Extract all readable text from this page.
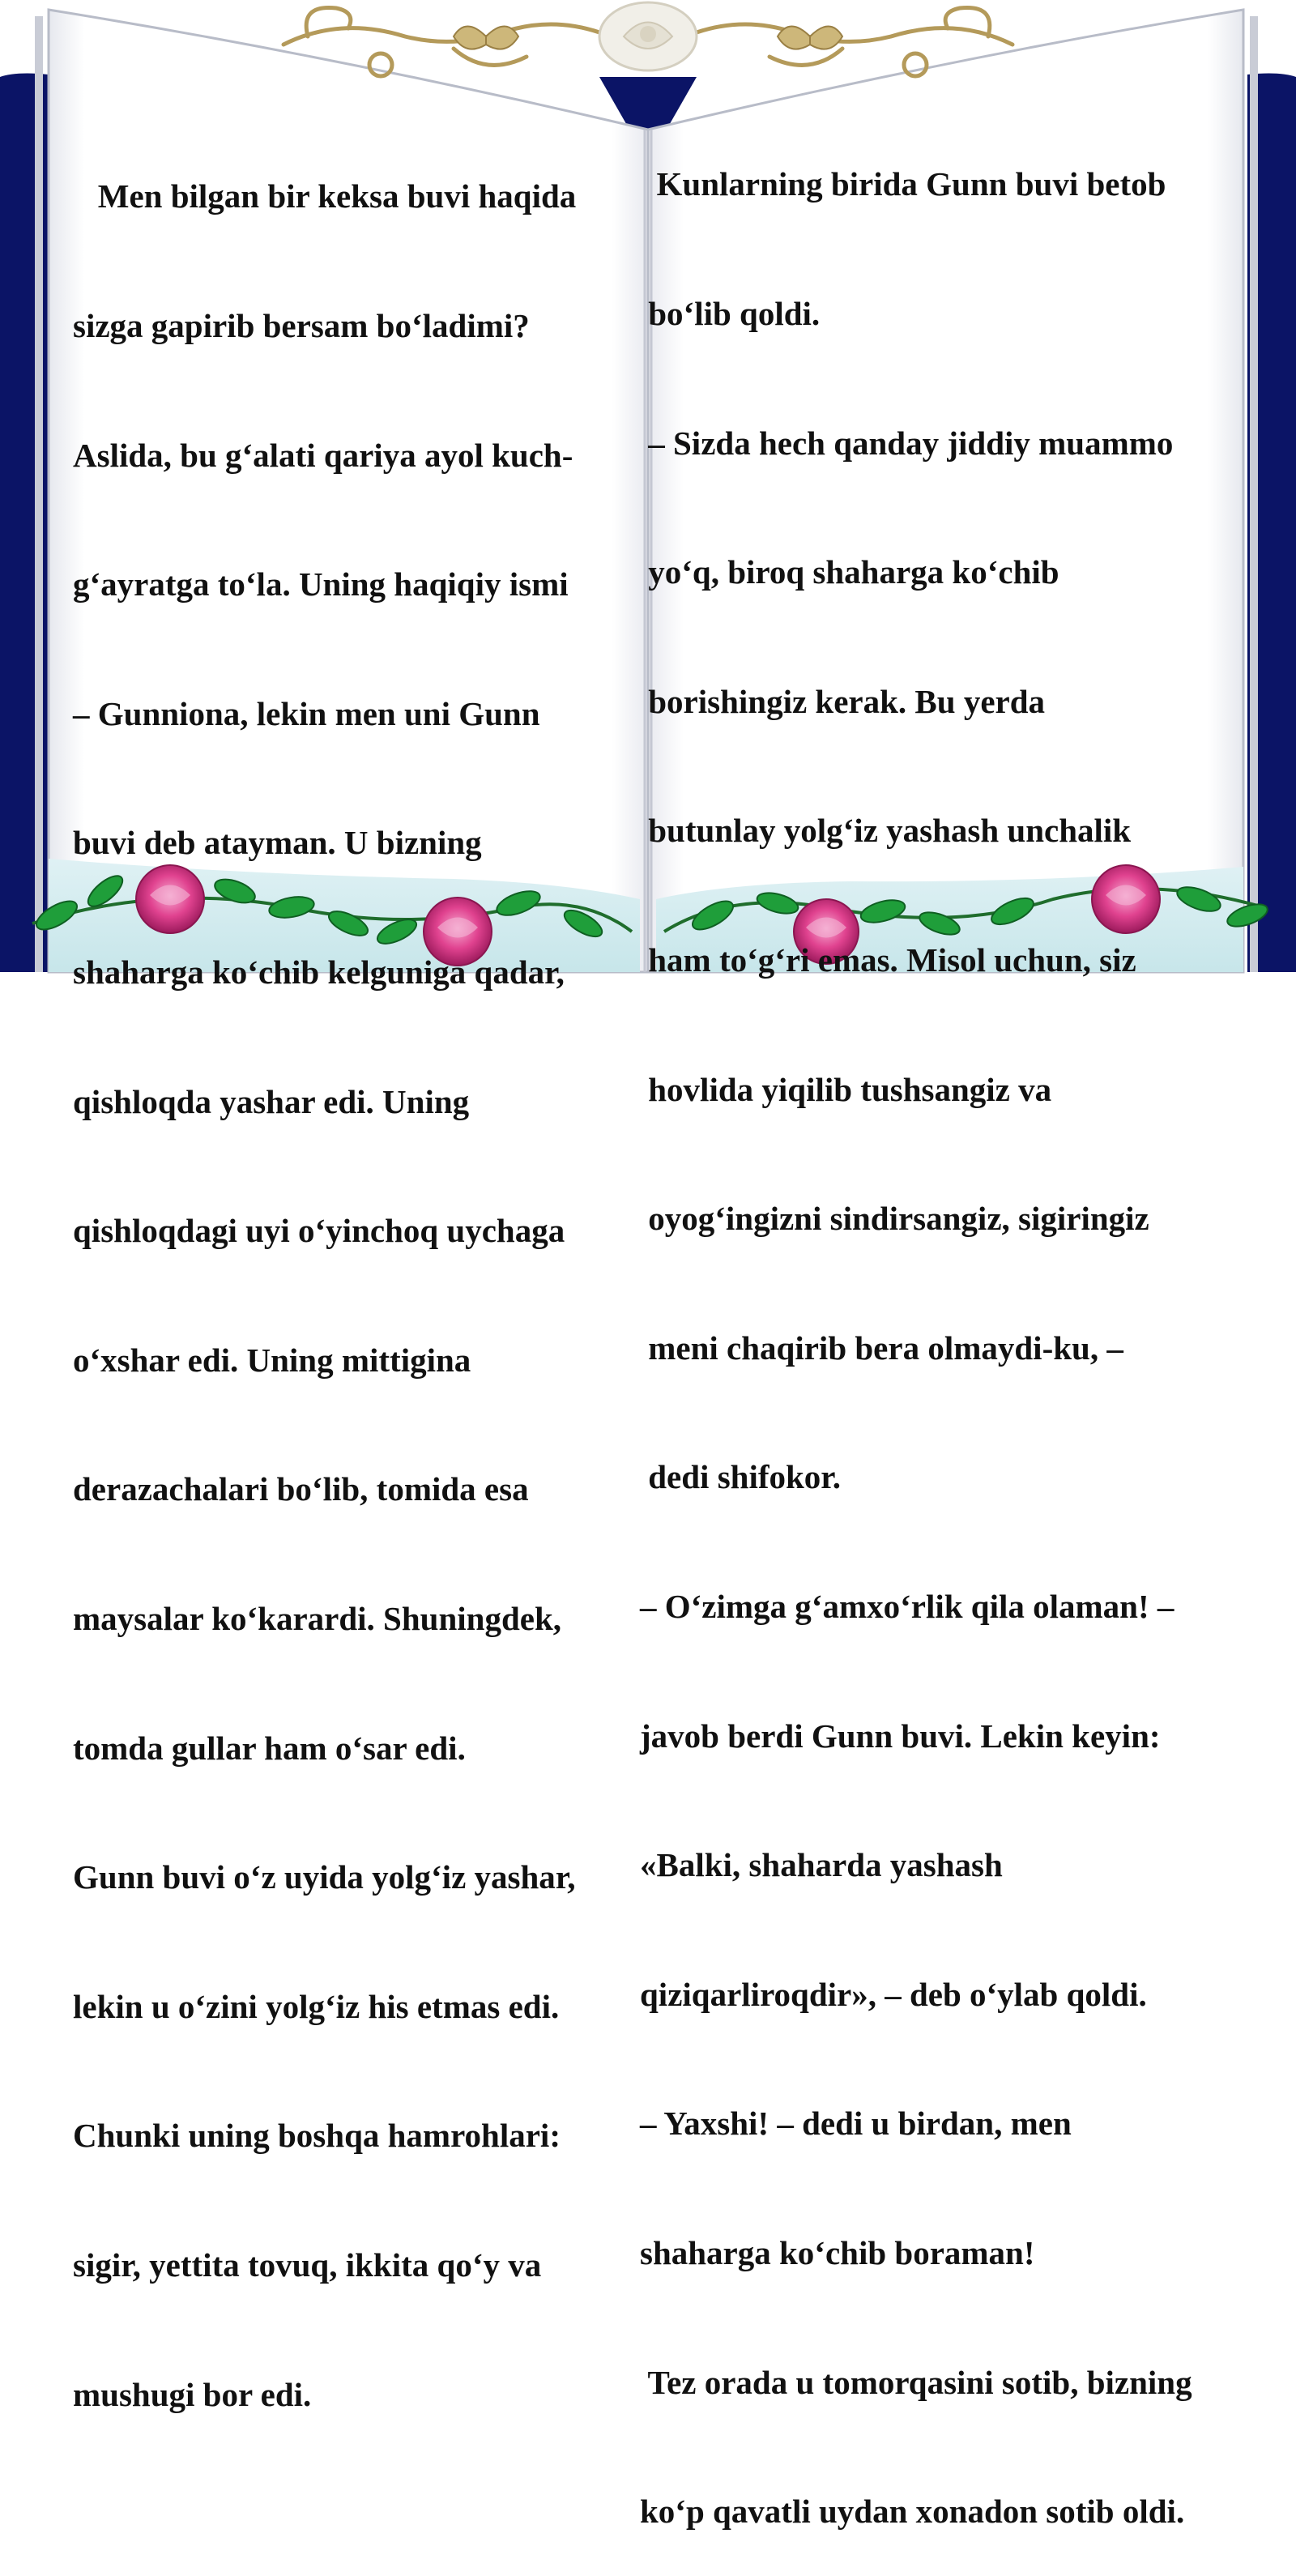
Men bilgan bir keksa buvi haqida

sizga gapirib bersam bo‘ladimi?

Aslida, bu g‘alati qariya ayol kuch-

g‘ayratga to‘la. Uning haqiqiy ismi

– Gunniona, lekin men uni Gunn

buvi deb atayman. U bizning

shaharga ko‘chib kelguniga qadar,

qishloqda yashar edi. Uning

qishloqdagi uyi o‘yinchoq uychaga

o‘xshar edi. Uning mittigina

derazachalari bo‘lib, tomida esa

maysalar ko‘karardi. Shuningdek,

tomda gullar ham o‘sar edi.

Gunn buvi o‘z uyida yolg‘iz yashar,

lekin u o‘zini yolg‘iz his etmas edi.

Chunki uning boshqa hamrohlari:

sigir, yettita tovuq, ikkita qo‘y va

mushugi bor edi.

Kunlarning birida Gunn buvi betob

bo‘lib qoldi.

– Sizda hech qanday jiddiy muammo

yo‘q, biroq shaharga ko‘chib

borishingiz kerak. Bu yerda

butunlay yolg‘iz yashash unchalik

ham to‘g‘ri emas. Misol uchun, siz

hovlida yiqilib tushsangiz va

oyog‘ingizni sindirsangiz, sigiringiz

meni chaqirib bera olmaydi-ku, –

dedi shifokor.

– O‘zimga g‘amxo‘rlik qila olaman! –

javob berdi Gunn buvi. Lekin keyin:

«Balki, shaharda yashash

qiziqarliroqdir», – deb o‘ylab qoldi.

– Yaxshi! – dedi u birdan, men

shaharga ko‘chib boraman!

Tez orada u tomorqasini sotib, bizning

ko‘p qavatli uydan xonadon sotib oldi.
